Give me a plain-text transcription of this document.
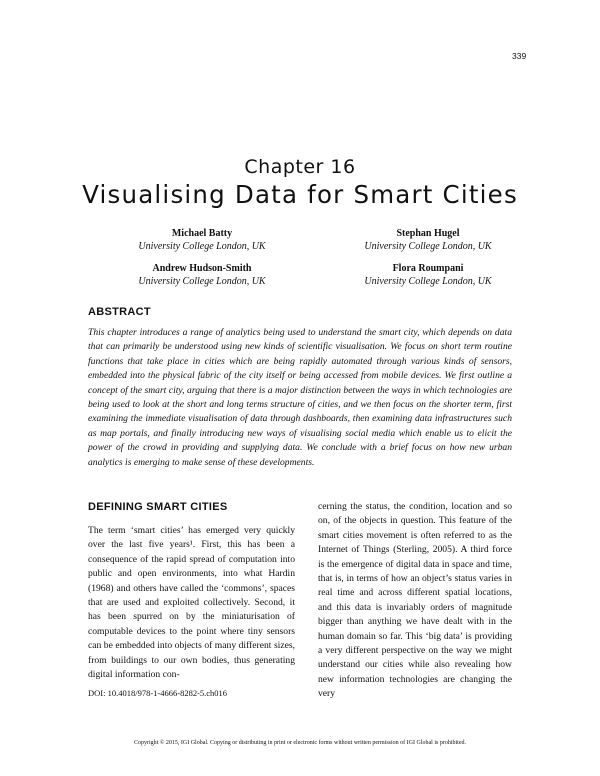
339
Chapter 16
Visualising Data for Smart Cities
Michael Batty
University College London, UK
Stephan Hugel
University College London, UK
Andrew Hudson-Smith
University College London, UK
Flora Roumpani
University College London, UK
ABSTRACT

This chapter introduces a range of analytics being used to understand the smart city, which depends on data that can primarily be understood using new kinds of scientific visualisation. We focus on short term routine functions that take place in cities which are being rapidly automated through various kinds of sensors, embedded into the physical fabric of the city itself or being accessed from mobile devices. We first outline a concept of the smart city, arguing that there is a major distinction between the ways in which technologies are being used to look at the short and long terms structure of cities, and we then focus on the shorter term, first examining the immediate visualisation of data through dashboards, then examining data infrastructures such as map portals, and finally introducing new ways of visualising social media which enable us to elicit the power of the crowd in providing and supplying data. We conclude with a brief focus on how new urban analytics is emerging to make sense of these developments.

DEFINING SMART CITIES

The term ‘smart cities’ has emerged very quickly over the last five years¹. First, this has been a consequence of the rapid spread of computation into public and open environments, into what Hardin (1968) and others have called the ‘commons’, spaces that are used and exploited collectively. Second, it has been spurred on by the miniaturisation of computable devices to the point where tiny sensors can be embedded into objects of many different sizes, from buildings to our own bodies, thus generating digital information con-

cerning the status, the condition, location and so on, of the objects in question. This feature of the smart cities movement is often referred to as the Internet of Things (Sterling, 2005). A third force is the emergence of digital data in space and time, that is, in terms of how an object’s status varies in real time and across different spatial locations, and this data is invariably orders of magnitude bigger than anything we have dealt with in the human domain so far. This ‘big data’ is providing a very different perspective on the way we might understand our cities while also revealing how new information technologies are changing the very

DOI: 10.4018/978-1-4666-8282-5.ch016
Copyright © 2015, IGI Global. Copying or distributing in print or electronic forms without written permission of IGI Global is prohibited.
